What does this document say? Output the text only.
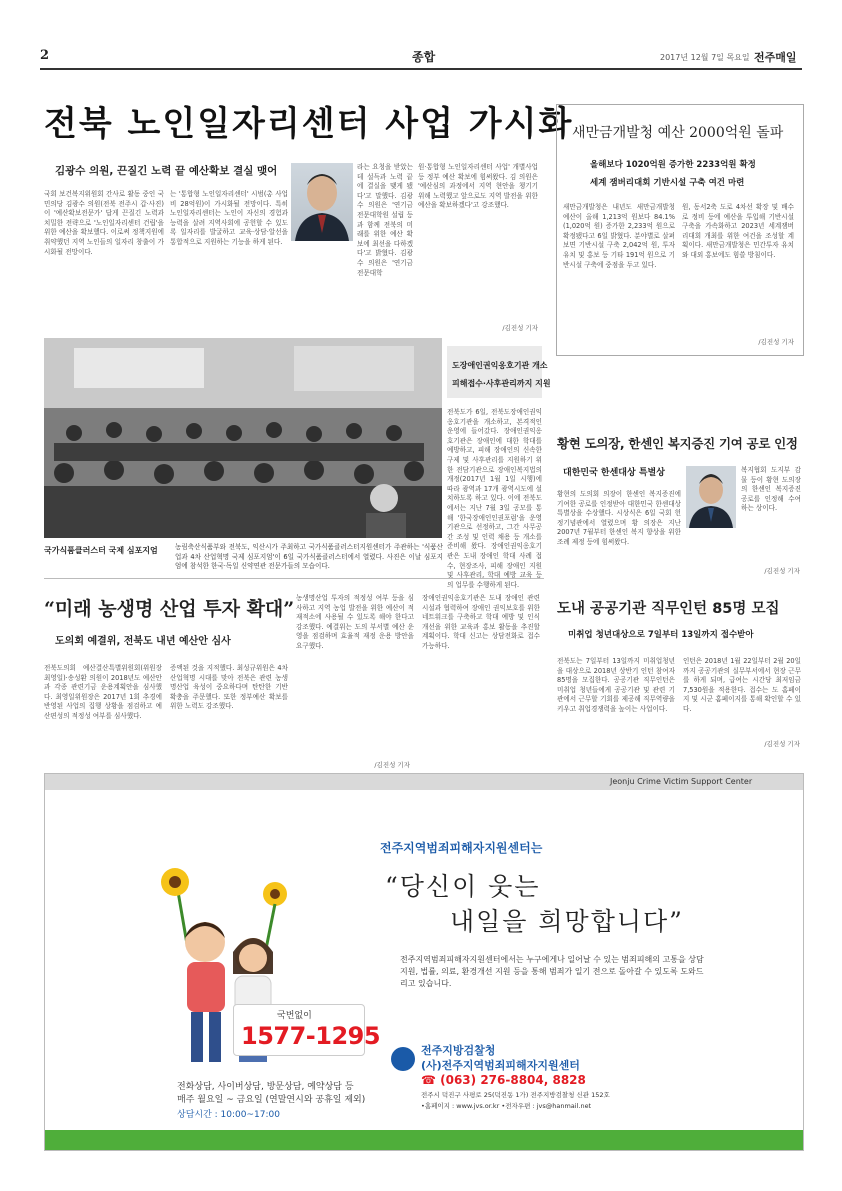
2	종합	2017년 12월 7일 목요일 전주매일
전북 노인일자리센터 사업 가시화
김광수 의원, 끈질긴 노력 끝 예산확보 결실 맺어
국회 보건복지위원회 간사로 활동 중인 국민의당 김광수 의원(전북 전주시 갑·사진)이 '예산확보전문가' 답게 끈질긴 노력과 치밀한 전략으로 '노인일자리센터 건립'을 위한 예산을 확보했다. 이로써 정책지원에 취약했던 지역 노인들의 일자리 창출이 가시화될 전망이다.
는 '통합형 노인일자리센터' 시범(총 사업비 28억원)이 가시화될 전망이다. 특히 노인일자리센터는 노인이 자신의 경험과 능력을 살려 지역사회에 공헌할 수 있도록 일자리를 발굴하고 교육·상담·알선을 통합적으로 지원하는 기능을 하게 된다.
라는 요청을 받았는데 설득과 노력 끝에 결실을 맺게 됐다'고 말했다. 김광수 의원은 '연기금 전문대학원 설립 등과 함께 전북의 미래를 위한 예산 확보에 최선을 다하겠다'고 밝혔다. 김광수 의원은 '연기금 전문대학
원·통합형 노인일자리센터 사업' 개별사업 등 정부 예산 확보에 힘써왔다. 김 의원은 '예산심의 과정에서 지역 현안을 챙기기 위해 노력했고 앞으로도 지역 발전을 위한 예산을 확보하겠다'고 강조했다.
/김진성 기자
국가식품클러스터 국제 심포지엄	농림축산식품부와 전북도, 익산시가 주최하고 국가식품클러스터지원센터가 주관하는 '식품산업과 4차 산업혁명 국제 심포지엄'이 6일 국가식품클러스터에서 열렸다. 사진은 이날 심포지엄에 참석한 한국·독일 신약연관 전문가들의 모습이다.
도장애인권익옹호기관 개소
피해접수·사후관리까지 지원
전북도가 6일, 전북도장애인권익옹호기관을 개소하고, 본격적인 운영에 들어갔다. 장애인권익옹호기관은 장애인에 대한 학대를 예방하고, 피해 장애인의 신속한 구제 및 사후관리를 지원하기 위한 전담기관으로 장애인복지법의 개정(2017년 1월 1일 시행)에 따라 광역과 17개 광역시도에 설치하도록 하고 있다. 이에 전북도에서는 지난 7월 3일 공모를 통해 '한국장애인인권포럼'을 운영기관으로 선정하고, 그간 사무공간 조성 및 인력 채용 등 개소를 준비해 왔다. 장애인권익옹호기관은 도내 장애인 학대 사례 접수, 현장조사, 피해 장애인 지원 및 사후관리, 학대 예방 교육 등의 업무를 수행하게 된다.
“미래 농생명 산업 투자 확대”
도의회 예결위, 전북도 내년 예산안 심사
전북도의회 예산결산특별위원회(위원장 최영일)·송성환 의원이 2018년도 예산안과 각종 관련기금 운용계획안을 심사했다. 최영일위원장은 2017년 1회 추경에 반영된 사업의 집행 상황을 점검하고 예산편성의 적정성 여부를 심사했다.
증액된 것을 지적했다. 최성규위원은 4차산업혁명 시대를 맞아 전북은 관련 농생명산업 육성이 중요하다며 탄탄한 기반 확충을 주문했다. 또한 정부예산 확보를 위한 노력도 강조했다.
농생명산업 투자의 적정성 여부 등을 심사하고 지역 농업 발전을 위한 예산이 적재적소에 사용될 수 있도록 해야 한다고 강조했다. 예결위는 도의 부서별 예산 운영을 점검하며 효율적 재정 운용 방안을 요구했다.
장애인권익옹호기관은 도내 장애인 관련 시설과 협력하여 장애인 권익보호를 위한 네트워크를 구축하고 학대 예방 및 인식개선을 위한 교육과 홍보 활동을 추진할 계획이다. 학대 신고는 상담전화로 접수 가능하다.
/김진성 기자
새만금개발청 예산 2000억원 돌파
올해보다 1020억원 증가한 2233억원 확정
세계 잼버리대회 기반시설 구축 여건 마련
새만금개발청은 내년도 새만금개발청 예산이 올해 1,213억 원보다 84.1%(1,020억 원) 증가한 2,233억 원으로 확정됐다고 6일 밝혔다. 분야별로 살펴보면 기반시설 구축 2,042억 원, 투자유치 및 홍보 등 기타 191억 원으로 기반시설 구축에 중점을 두고 있다.
원, 동서2축 도로 4차선 확장 및 배수로 정비 등에 예산을 투입해 기반시설 구축을 가속화하고 2023년 세계잼버리대회 개최를 위한 여건을 조성할 계획이다. 새만금개발청은 민간투자 유치와 대외 홍보에도 힘쓸 방침이다.
/김진성 기자
황현 도의장, 한센인 복지증진 기여 공로 인정
대한민국 한센대상 특별상	복지협회 도지부 감물 등이 황현 도의장의 한센인 복지증진 공로를 인정해 수여하는 상이다.
황현의 도의회 의장이 한센인 복지증진에 기여한 공로를 인정받아 대한민국 한센대상 특별상을 수상했다. 시상식은 6일 국회 헌정기념관에서 열렸으며 황 의장은 지난 2007년 7월부터 한센인 복지 향상을 위한 조례 제정 등에 힘써왔다.
/김진성 기자
도내 공공기관 직무인턴 85명 모집
미취업 청년대상으로 7일부터 13일까지 접수받아
전북도는 7일부터 13일까지 미취업청년을 대상으로 2018년 상반기 인턴 참여자 85명을 모집한다. 공공기관 직무인턴은 미취업 청년들에게 공공기관 및 관련 기관에서 근무할 기회를 제공해 직무역량을 키우고 취업경쟁력을 높이는 사업이다.
인턴은 2018년 1월 22일부터 2월 20일까지 공공기관의 실무부서에서 현장 근무를 하게 되며, 급여는 시간당 최저임금 7,530원을 적용한다. 접수는 도 홈페이지 및 시군 홈페이지를 통해 확인할 수 있다.
/김진성 기자
Jeonju Crime Victim Support Center
국번없이
1577-1295
전화상담, 사이버상담, 방문상담, 예약상담 등
매주 월요일 ~ 금요일 (연말연시와 공휴일 제외)
상담시간 : 10:00~17:00
전주지역범죄피해자지원센터는
“당신이 웃는
내일을 희망합니다”
전주지역범죄피해자지원센터에서는 누구에게나 일어날 수 있는 범죄피해의 고통을 상담지원, 법률, 의료, 환경개선 지원 등을 통해 범죄가 일기 전으로 돌아갈 수 있도록 도와드리고 있습니다.
전주지방검찰청
(사)전주지역범죄피해자지원센터
☎ (063) 276-8804, 8828
전주시 덕진구 사평로 25(덕진동 1가) 전주지방검찰청 신관 152호
•홈페이지 : www.jvs.or.kr •전자우편 : jvs@hanmail.net
